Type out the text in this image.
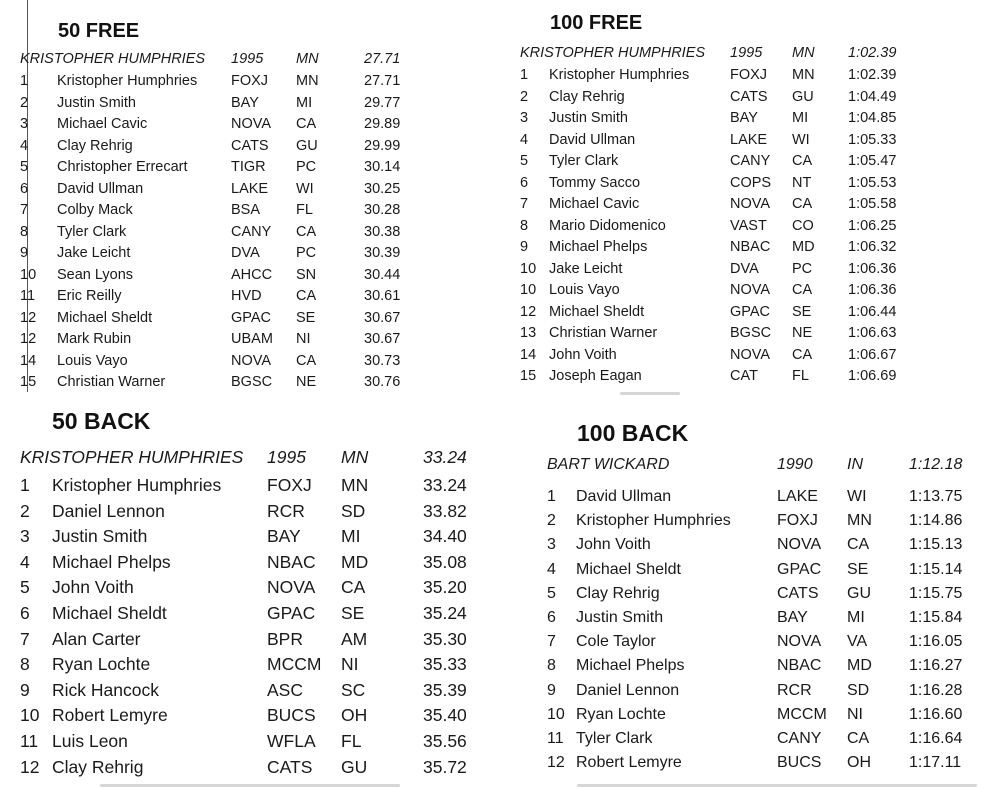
50 FREE
KRISTOPHER HUMPHRIES 1995 MN	27.71
1 Kristopher Humphries FOXJ MN	27.71
2 Justin Smith	BAY	MI	29.77
3 Michael Cavic	NOVA CA	29.89
4 Clay Rehrig	CATS GU	29.99
5 Christopher Errecart	TIGR PC	30.14
6 David Ullman	LAKE WI	30.25
7 Colby Mack	BSA FL	30.28
8 Tyler Clark	CANY CA	30.38
9 Jake Leicht	DVA	PC	30.39
10 Sean Lyons	AHCC SN	30.44
11 Eric Reilly	HVD CA	30.61
12 Michael Sheldt	GPAC SE	30.67
12 Mark Rubin	UBAM NI	30.67
14 Louis Vayo	NOVA CA	30.73
15 Christian Warner	BGSC NE	30.76
100 FREE
KRISTOPHER HUMPHRIES 1995 MN 1:02.39
1 Kristopher Humphries	FOXJ MN 1:02.39
2 Clay Rehrig	CATS GU 1:04.49
3 Justin Smith	BAY MI	1:04.85
4 David Ullman	LAKE WI	1:05.33
5 Tyler Clark	CANY CA 1:05.47
6 Tommy Sacco	COPS NT	1:05.53
7 Michael Cavic	NOVA CA 1:05.58
8 Mario Didomenico	VAST CO 1:06.25
9 Michael Phelps	NBAC MD 1:06.32
10 Jake Leicht	DVA PC 1:06.36
10 Louis Vayo	NOVA CA 1:06.36
12 Michael Sheldt	GPAC SE	1:06.44
13 Christian Warner	BGSC NE 1:06.63
14 John Voith	NOVA CA 1:06.67
15 Joseph Eagan	CAT FL	1:06.69
50 BACK
KRISTOPHER HUMPHRIES 1995 MN	33.24
1 Kristopher Humphries	FOXJ MN	33.24
2 Daniel Lennon	RCR SD	33.82
3 Justin Smith	BAY MI	34.40
4 Michael Phelps	NBAC MD	35.08
5 John Voith	NOVA CA	35.20
6 Michael Sheldt	GPAC SE	35.24
7 Alan Carter	BPR AM	35.30
8 Ryan Lochte	MCCM NI	35.33
9 Rick Hancock	ASC SC	35.39
10 Robert Lemyre	BUCS OH	35.40
11 Luis Leon	WFLA FL	35.56
12 Clay Rehrig	CATS GU	35.72
100 BACK
BART WICKARD	1990 IN	1:12.18
1 David Ullman	LAKE WI	1:13.75
2 Kristopher Humphries	FOXJ MN 1:14.86
3 John Voith	NOVA CA 1:15.13
4 Michael Sheldt	GPAC SE	1:15.14
5 Clay Rehrig	CATS GU 1:15.75
6 Justin Smith	BAY MI	1:15.84
7 Cole Taylor	NOVA VA	1:16.05
8 Michael Phelps	NBAC MD 1:16.27
9 Daniel Lennon	RCR SD 1:16.28
10 Ryan Lochte	MCCM NI	1:16.60
11 Tyler Clark	CANY CA 1:16.64
12 Robert Lemyre	BUCS OH 1:17.11
